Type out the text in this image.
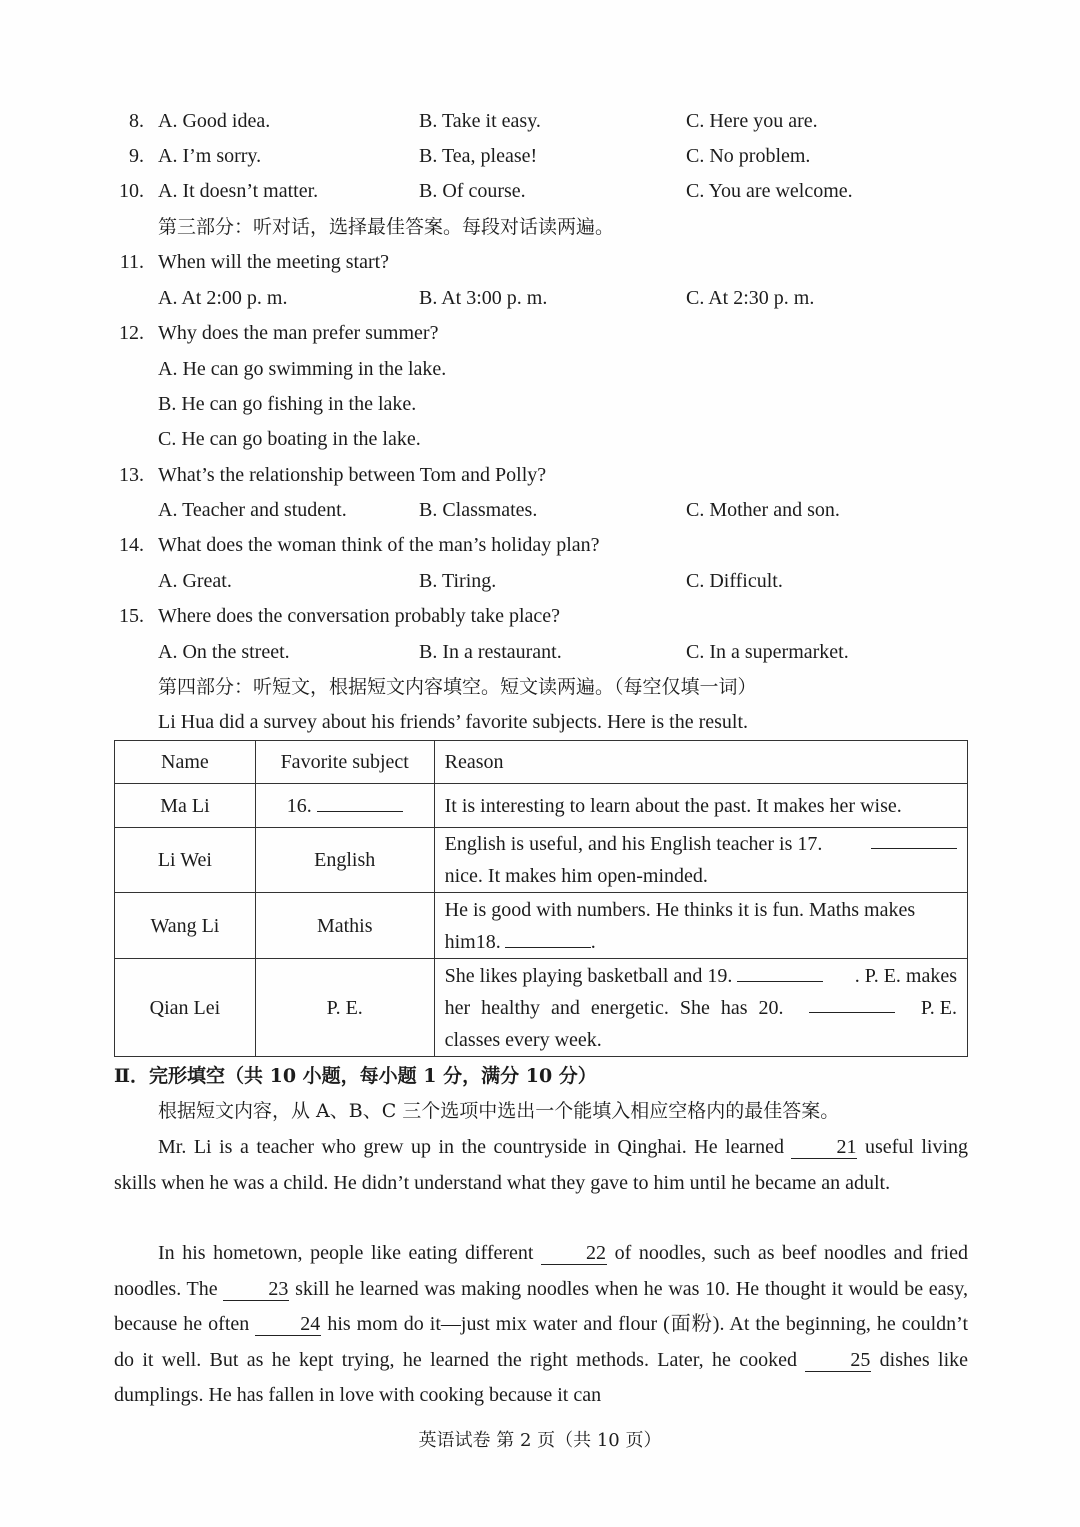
8. A. Good idea.	B. Take it easy.	C. Here you are.
9. A. I’m sorry.	B. Tea, please!	C. No problem.
10. A. It doesn’t matter.	B. Of course.	C. You are welcome.
第三部分：听对话，选择最佳答案。每段对话读两遍。
11. When will the meeting start?
A. At 2:00 p. m.	B. At 3:00 p. m.	C. At 2:30 p. m.
12. Why does the man prefer summer?
A. He can go swimming in the lake.
B. He can go fishing in the lake.
C. He can go boating in the lake.
13. What’s the relationship between Tom and Polly?
A. Teacher and student.	B. Classmates.	C. Mother and son.
14. What does the woman think of the man’s holiday plan?
A. Great.	B. Tiring.	C. Difficult.
15. Where does the conversation probably take place?
A. On the street.	B. In a restaurant.	C. In a supermarket.
第四部分：听短文，根据短文内容填空。短文读两遍。（每空仅填一词）
Li Hua did a survey about his friends’ favorite subjects. Here is the result.
Name	Favorite subject	Reason
Ma Li	16.	It is interesting to learn about the past. It makes her wise.
Li Wei	English	English is useful, and his English teacher is 17.
nice. It makes him open-minded.

Wang Li	Mathis	He is good with numbers. He thinks it is fun. Maths makes
him18. .

Qian Lei	P. E.	She likes playing basketball and 19. . P. E. makes
her healthy and energetic. She has 20. P. E.
classes every week.
Ⅱ．完形填空（共 10 小题，每小题 1 分，满分 10 分）
根据短文内容，从 A、B、C 三个选项中选出一个能填入相应空格内的最佳答案。
Mr. Li is a teacher who grew up in the countryside in Qinghai. He learned	21 useful living skills when he was a child. He didn’t understand what they gave to him until he became an adult.
In his hometown, people like eating different	22 of noodles, such as beef noodles and fried noodles. The	23 skill he learned was making noodles when he was 10. He thought it would be easy, because he often	24 his mom do it—just mix water and flour (面粉). At the beginning, he couldn’t do it well. But as he kept trying, he learned the right methods. Later, he cooked	25 dishes like dumplings. He has fallen in love with cooking because it can
英语试卷 第 2 页（共 10 页）
